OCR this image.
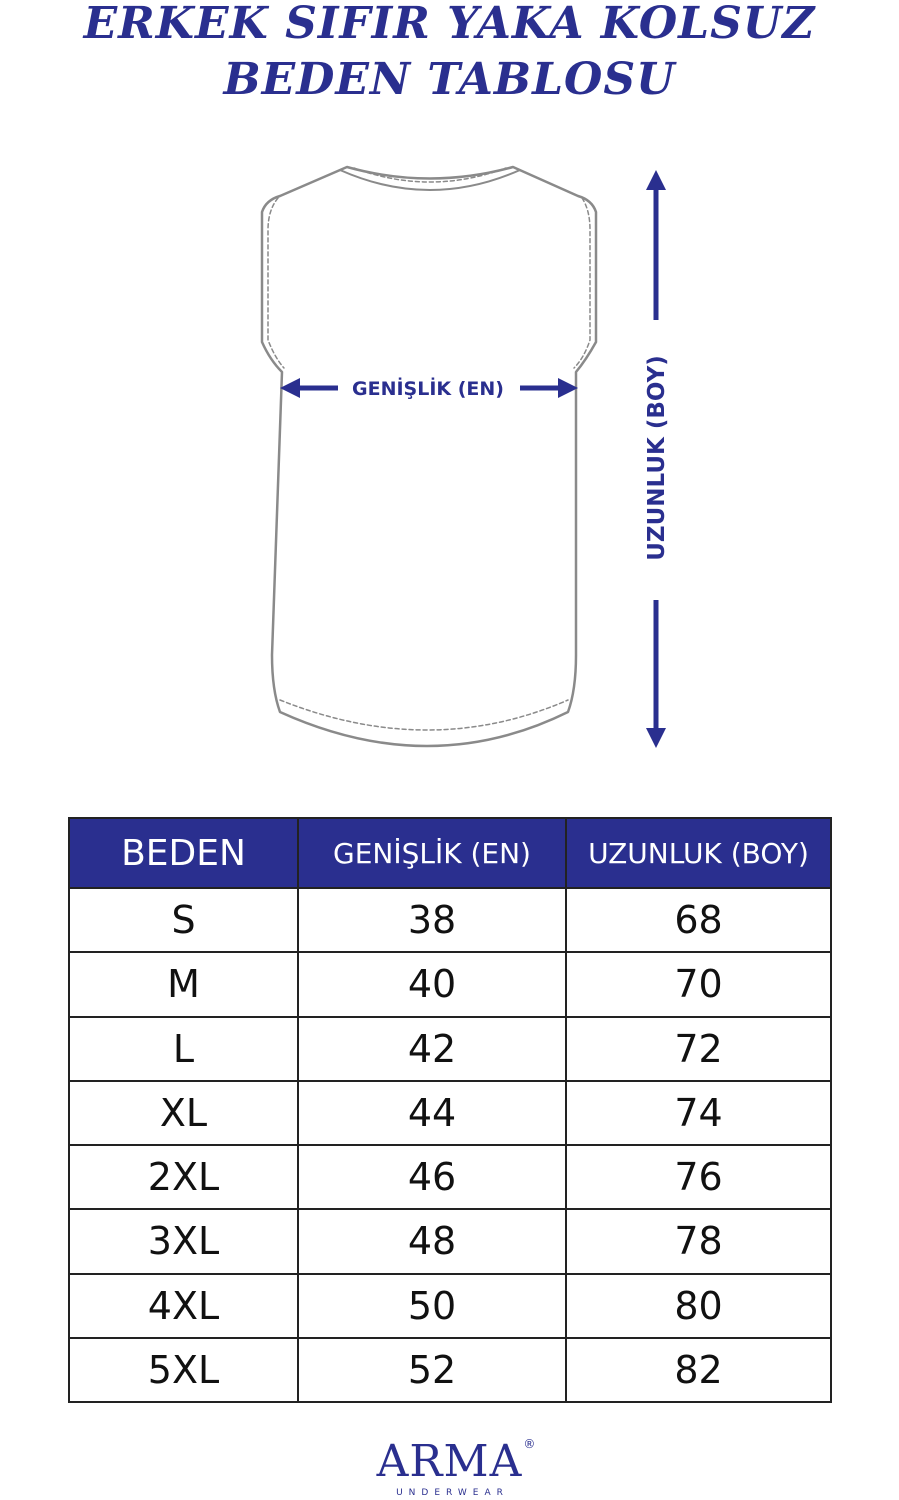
ERKEK SIFIR YAKA KOLSUZ
BEDEN TABLOSU
GENİŞLİK (EN)	UZUNLUK (BOY)
BEDEN	GENİŞLİK (EN)	UZUNLUK (BOY)
S	38	68
M	40	70
L	42	72
XL	44	74
2XL	46	76
3XL	48	78
4XL	50	80
5XL	52	82
ARMA ®
UNDERWEAR
